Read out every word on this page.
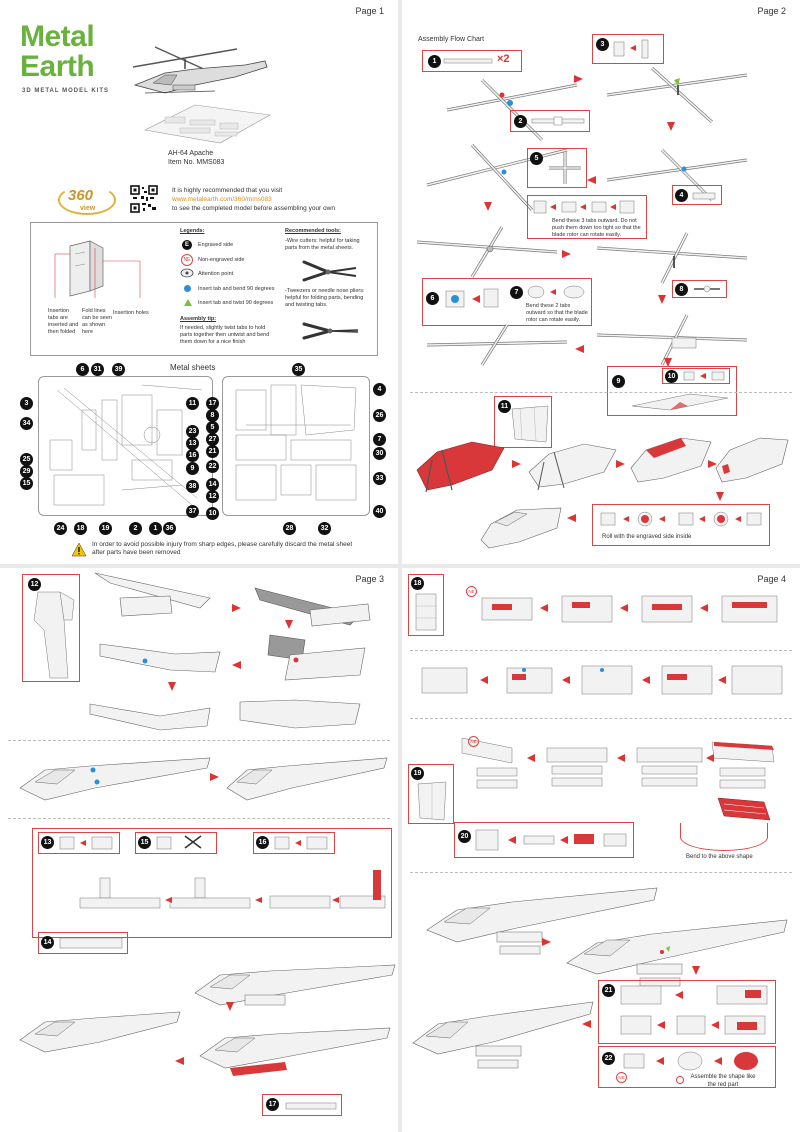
Page 1
Metal
Earth
3D METAL MODEL KITS
AH-64 Apache
Item No. MMS083
360
view
It is highly recommended that you visit
www.metalearth.com/360/mms083
to see the completed model before assembling your own
Insertion tabs are inserted and then folded
Fold lines can be seen as shown here
Insertion holes
Legends:
E	Engraved side
NE	Non-engraved side
Attention point
Insert tab and bend 90 degrees
Insert tab and twist 90 degrees
Assembly tip:
If needed, slightly twist tabs to hold parts together then untwist and bend them down for a nice finish
Recommended tools:
-Wire cutters: helpful for taking parts from the metal sheets.
-Tweezers or needle nose pliers: helpful for folding parts, bending and twisting tabs.
Metal sheets
6	31	39
3
34
11
23
13
16
25
29
15
9
38
37
24	18	19	2	1	36
35
17
8
5
27
21
22
14
26
7
30
33
12
10
28	32
40
4
In order to avoid possible injury from sharp edges, please carefully discard the metal sheet after parts have been removed
Page 2
Assembly Flow Chart
1	×2
2
3
5
4
Bend these 3 tabs outward. Do not push them down too tight so that the blade rotor can rotate easily.
6
7
Bend these 2 tabs outward so that the blade rotor can rotate easily.
8
9
10
11
Roll with the engraved side inside
Page 3
12
13	15	16
14
17
Page 4
18
NE
NE
19
20
Bend to the above shape
21
22
NE	Assemble the shape like the red part
